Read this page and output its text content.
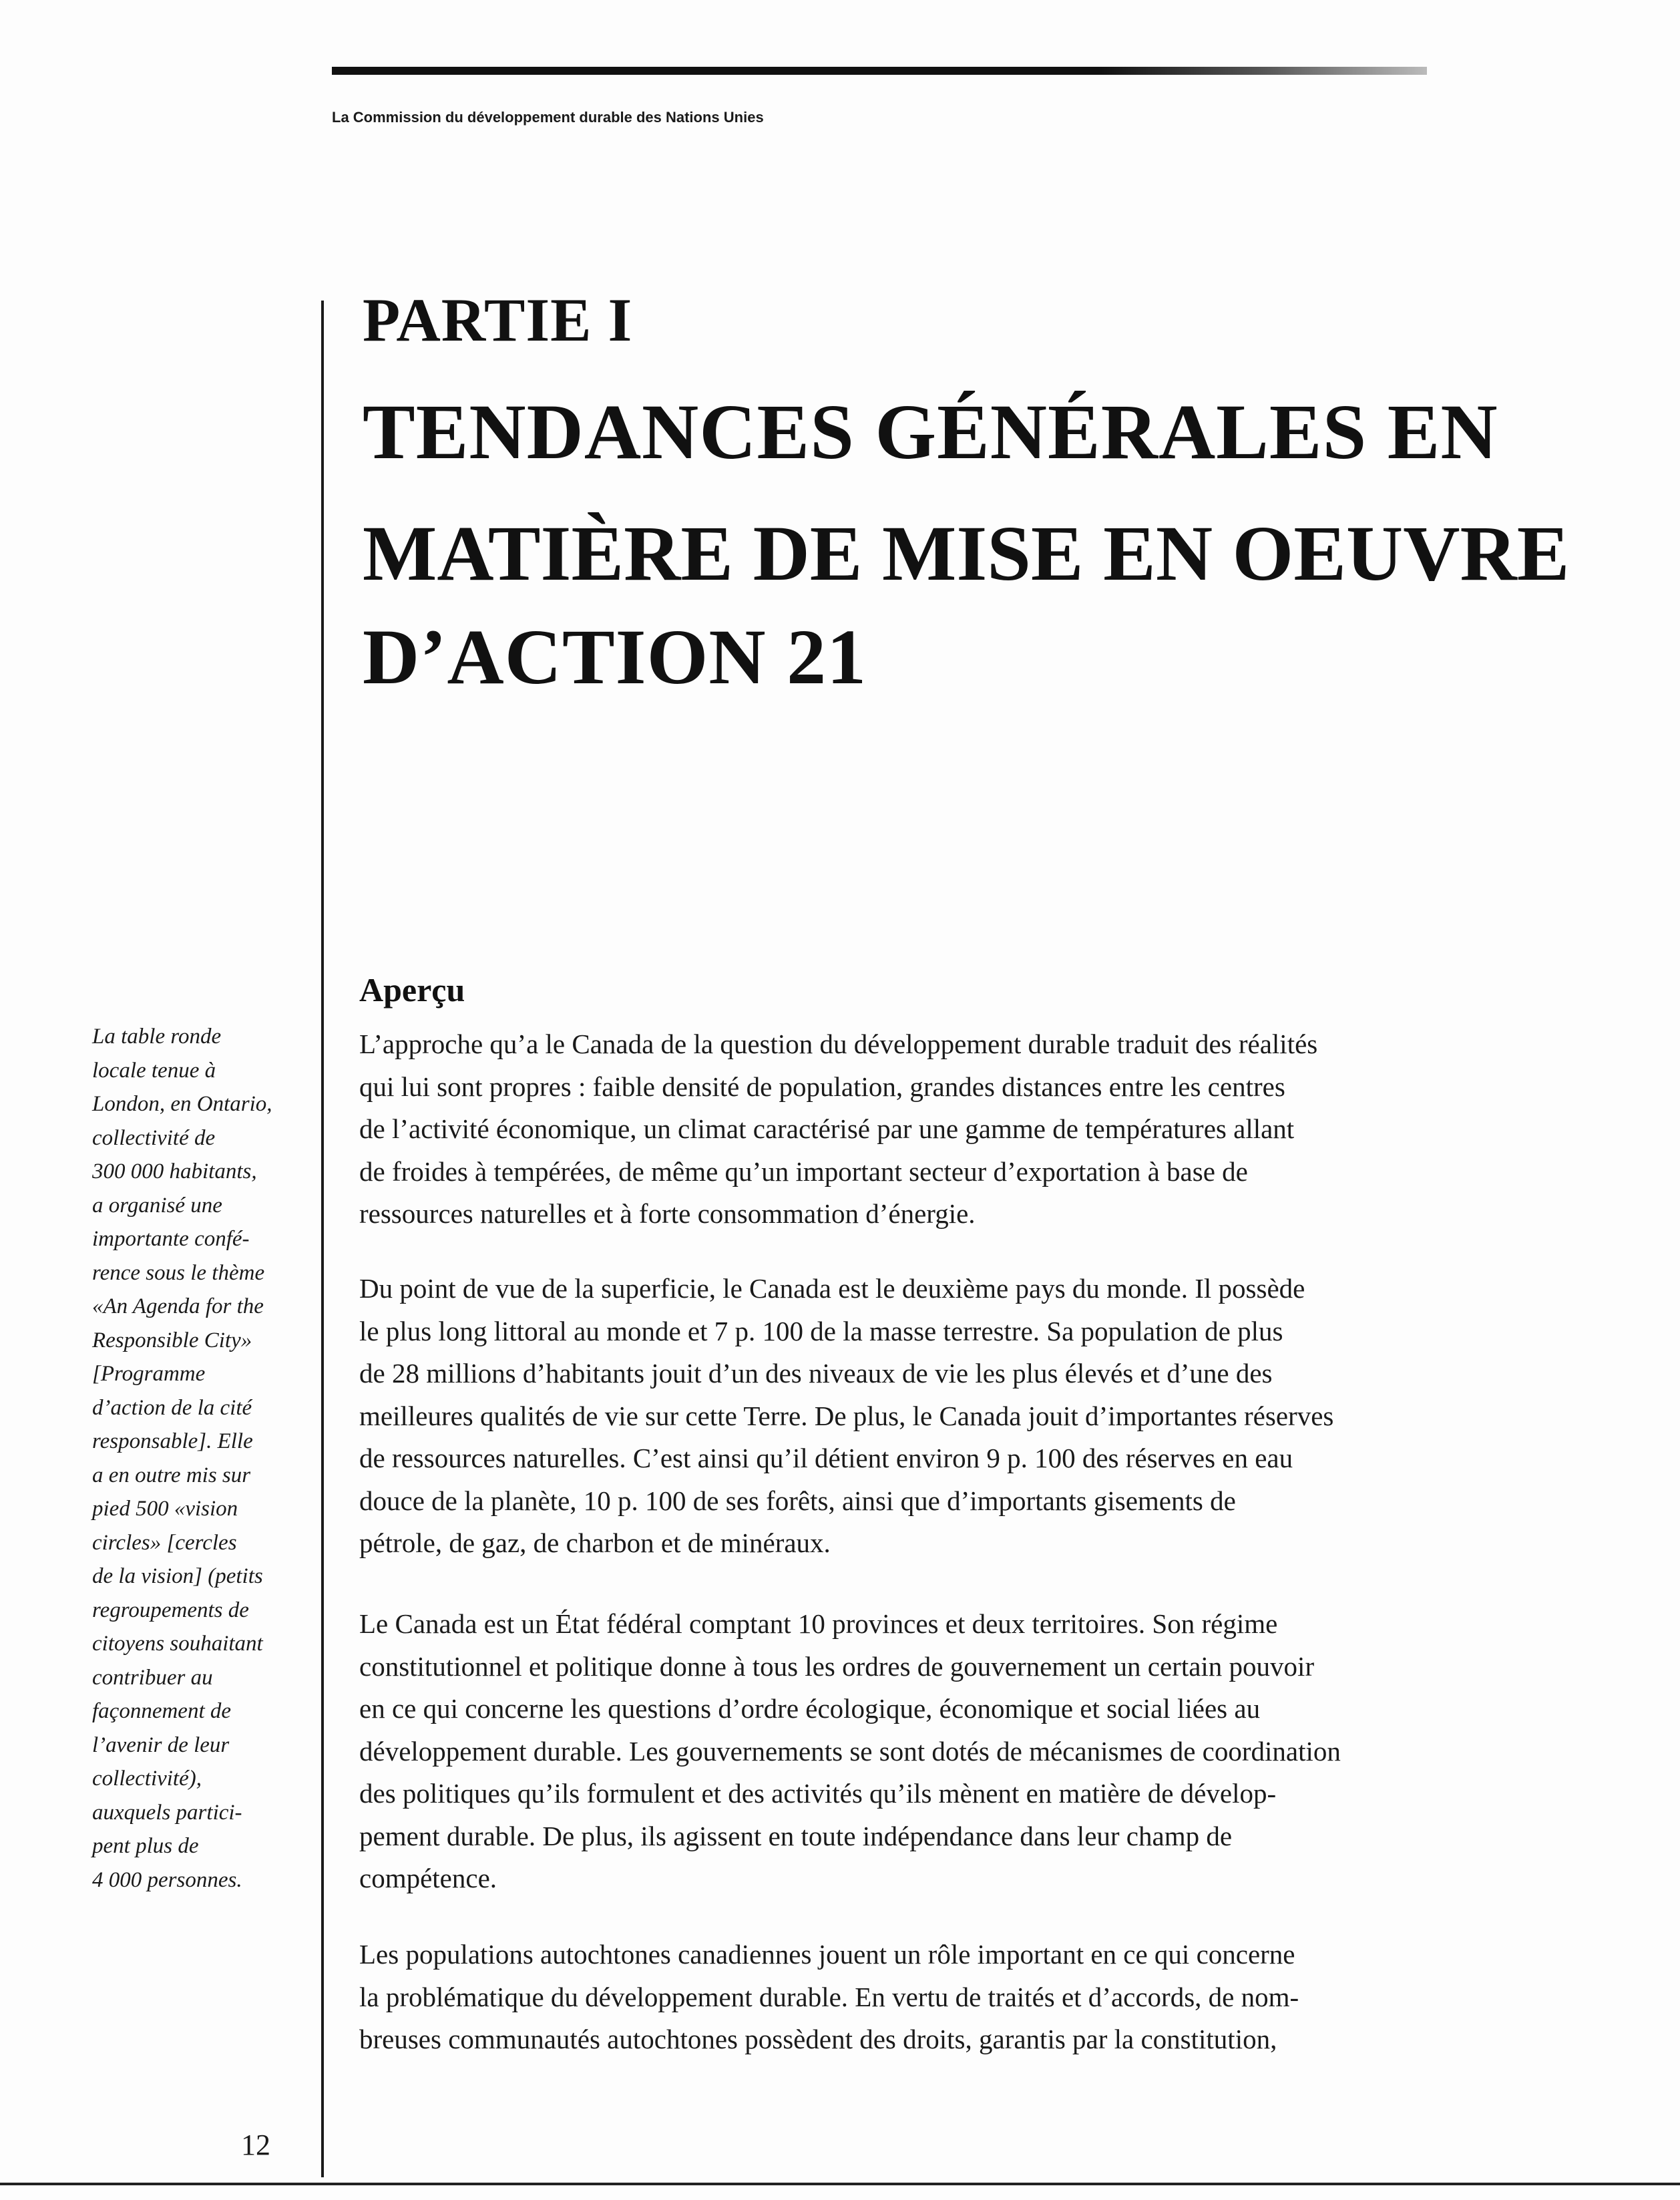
La Commission du développement durable des Nations Unies
PARTIE I
TENDANCES GÉNÉRALES EN
MATIÈRE DE MISE EN OEUVRE
D’ACTION 21
Aperçu
L’approche qu’a le Canada de la question du développement durable traduit des réalités
qui lui sont propres : faible densité de population, grandes distances entre les centres
de l’activité économique, un climat caractérisé par une gamme de températures allant
de froides à tempérées, de même qu’un important secteur d’exportation à base de
ressources naturelles et à forte consommation d’énergie.
Du point de vue de la superficie, le Canada est le deuxième pays du monde. Il possède
le plus long littoral au monde et 7 p. 100 de la masse terrestre. Sa population de plus
de 28 millions d’habitants jouit d’un des niveaux de vie les plus élevés et d’une des
meilleures qualités de vie sur cette Terre. De plus, le Canada jouit d’importantes réserves
de ressources naturelles. C’est ainsi qu’il détient environ 9 p. 100 des réserves en eau
douce de la planète, 10 p. 100 de ses forêts, ainsi que d’importants gisements de
pétrole, de gaz, de charbon et de minéraux.
Le Canada est un État fédéral comptant 10 provinces et deux territoires. Son régime
constitutionnel et politique donne à tous les ordres de gouvernement un certain pouvoir
en ce qui concerne les questions d’ordre écologique, économique et social liées au
développement durable. Les gouvernements se sont dotés de mécanismes de coordination
des politiques qu’ils formulent et des activités qu’ils mènent en matière de dévelop-
pement durable. De plus, ils agissent en toute indépendance dans leur champ de
compétence.
Les populations autochtones canadiennes jouent un rôle important en ce qui concerne
la problématique du développement durable. En vertu de traités et d’accords, de nom-
breuses communautés autochtones possèdent des droits, garantis par la constitution,
La table ronde
locale tenue à
London, en Ontario,
collectivité de
300 000 habitants,
a organisé une
importante confé-
rence sous le thème
«An Agenda for the
Responsible City»
[Programme
d’action de la cité
responsable]. Elle
a en outre mis sur
pied 500 «vision
circles» [cercles
de la vision] (petits
regroupements de
citoyens souhaitant
contribuer au
façonnement de
l’avenir de leur
collectivité),
auxquels partici-
pent plus de
4 000 personnes.
12
